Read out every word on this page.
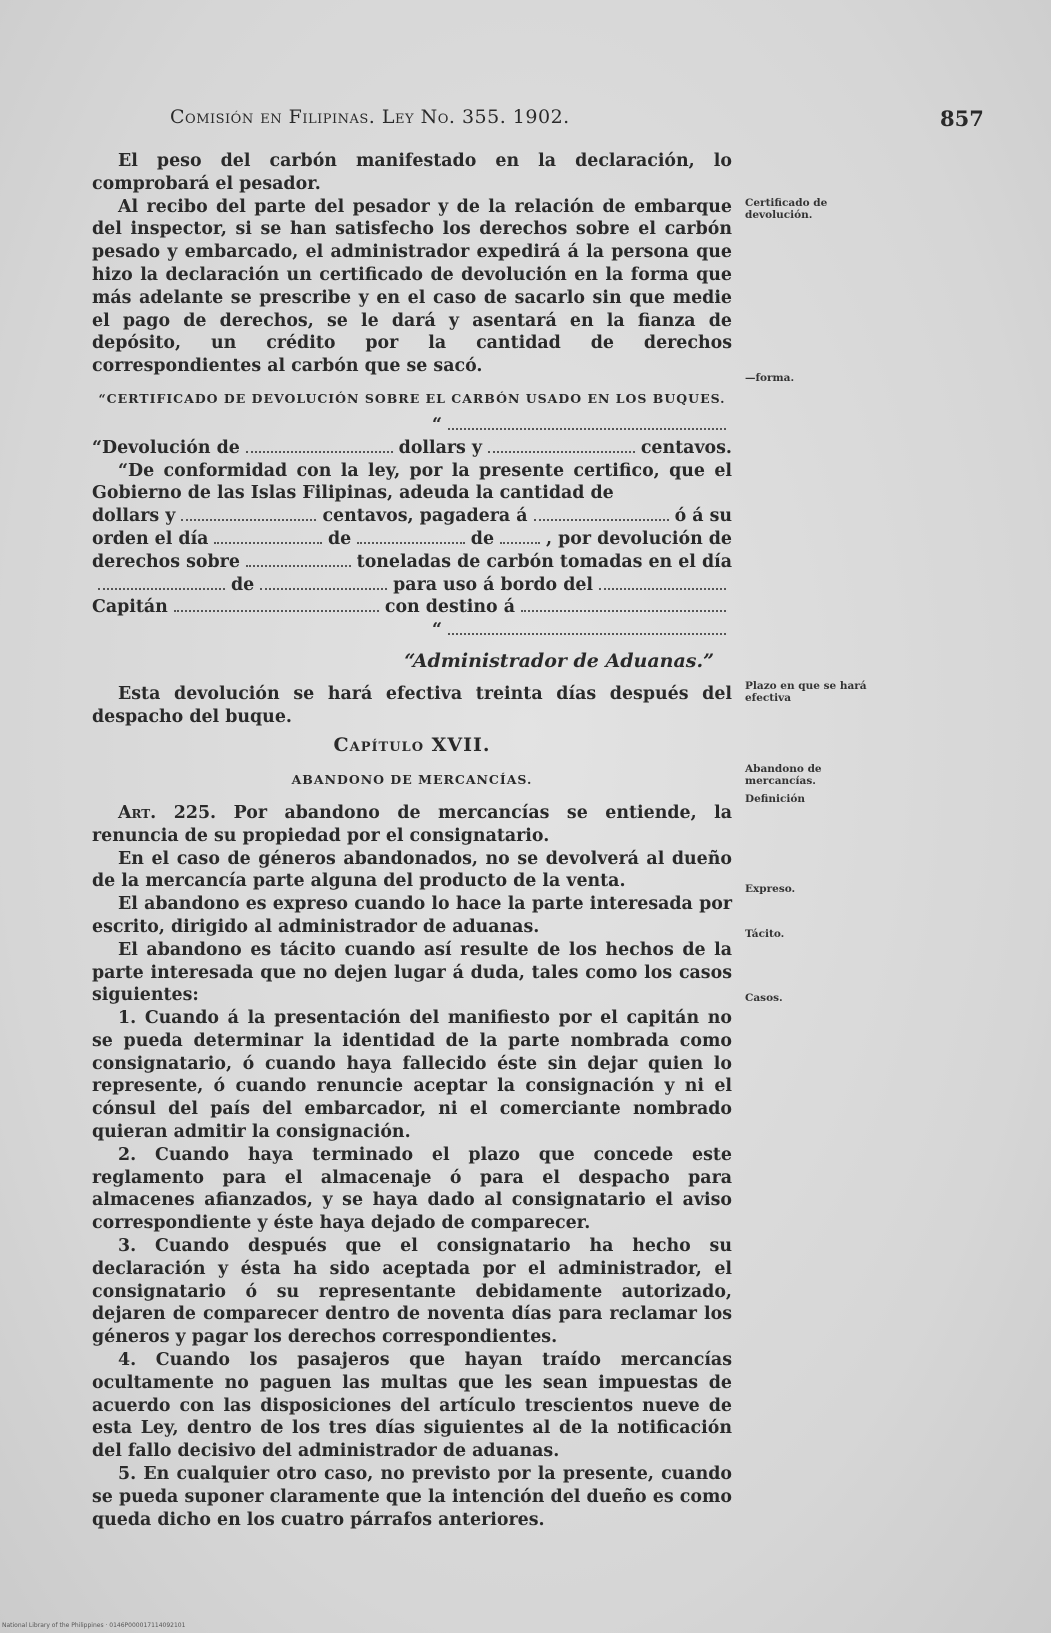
Comisión en Filipinas. Ley No. 355. 1902.	857

El peso del carbón manifestado en la declaración, lo comprobará el pesador.

Al recibo del parte del pesador y de la relación de embarque del inspector, si se han satisfecho los derechos sobre el carbón pesado y embarcado, el administrador expedirá á la persona que hizo la declaración un certificado de devolución en la forma que más adelante se prescribe y en el caso de sacarlo sin que medie el pago de derechos, se le dará y asentará en la fianza de depósito, un crédito por la cantidad de derechos correspondientes al carbón que se sacó.

“CERTIFICADO DE DEVOLUCIÓN SOBRE EL CARBÓN USADO EN LOS BUQUES.
“
“Devolución de	dollars y	centavos.

“De conformidad con la ley, por la presente certifico, que el Gobierno de las Islas Filipinas, adeuda la cantidad de

dollars y	centavos, pagadera á	ó á su
orden el día	de	de	, por devolución de
derechos sobre	toneladas de carbón tomadas en el día
de	para uso á bordo del
Capitán	con destino á
“
“Administrador de Aduanas.”

Esta devolución se hará efectiva treinta días después del despacho del buque.

Capítulo XVII.
ABANDONO DE MERCANCÍAS.

Art. 225. Por abandono de mercancías se entiende, la renuncia de su propiedad por el consignatario.

En el caso de géneros abandonados, no se devolverá al dueño de la mercancía parte alguna del producto de la venta.

El abandono es expreso cuando lo hace la parte interesada por escrito, dirigido al administrador de aduanas.

El abandono es tácito cuando así resulte de los hechos de la parte interesada que no dejen lugar á duda, tales como los casos siguientes:

1. Cuando á la presentación del manifiesto por el capitán no se pueda determinar la identidad de la parte nombrada como consignatario, ó cuando haya fallecido éste sin dejar quien lo represente, ó cuando renuncie aceptar la consignación y ni el cónsul del país del embarcador, ni el comerciante nombrado quieran admitir la consignación.

2. Cuando haya terminado el plazo que concede este reglamento para el almacenaje ó para el despacho para almacenes afianzados, y se haya dado al consignatario el aviso correspondiente y éste haya dejado de comparecer.

3. Cuando después que el consignatario ha hecho su declaración y ésta ha sido aceptada por el administrador, el consignatario ó su representante debidamente autorizado, dejaren de comparecer dentro de noventa días para reclamar los géneros y pagar los derechos correspondientes.

4. Cuando los pasajeros que hayan traído mercancías ocultamente no paguen las multas que les sean impuestas de acuerdo con las disposiciones del artículo trescientos nueve de esta Ley, dentro de los tres días siguientes al de la notificación del fallo decisivo del administrador de aduanas.

5. En cualquier otro caso, no previsto por la presente, cuando se pueda suponer claramente que la intención del dueño es como queda dicho en los cuatro párrafos anteriores.

Certificado de devolución.
—forma.
Plazo en que se hará efectiva
Abandono de mercancías.
Definición
Expreso.
Tácito.
Casos.
National Library of the Philippines · 0146P000017114092101
